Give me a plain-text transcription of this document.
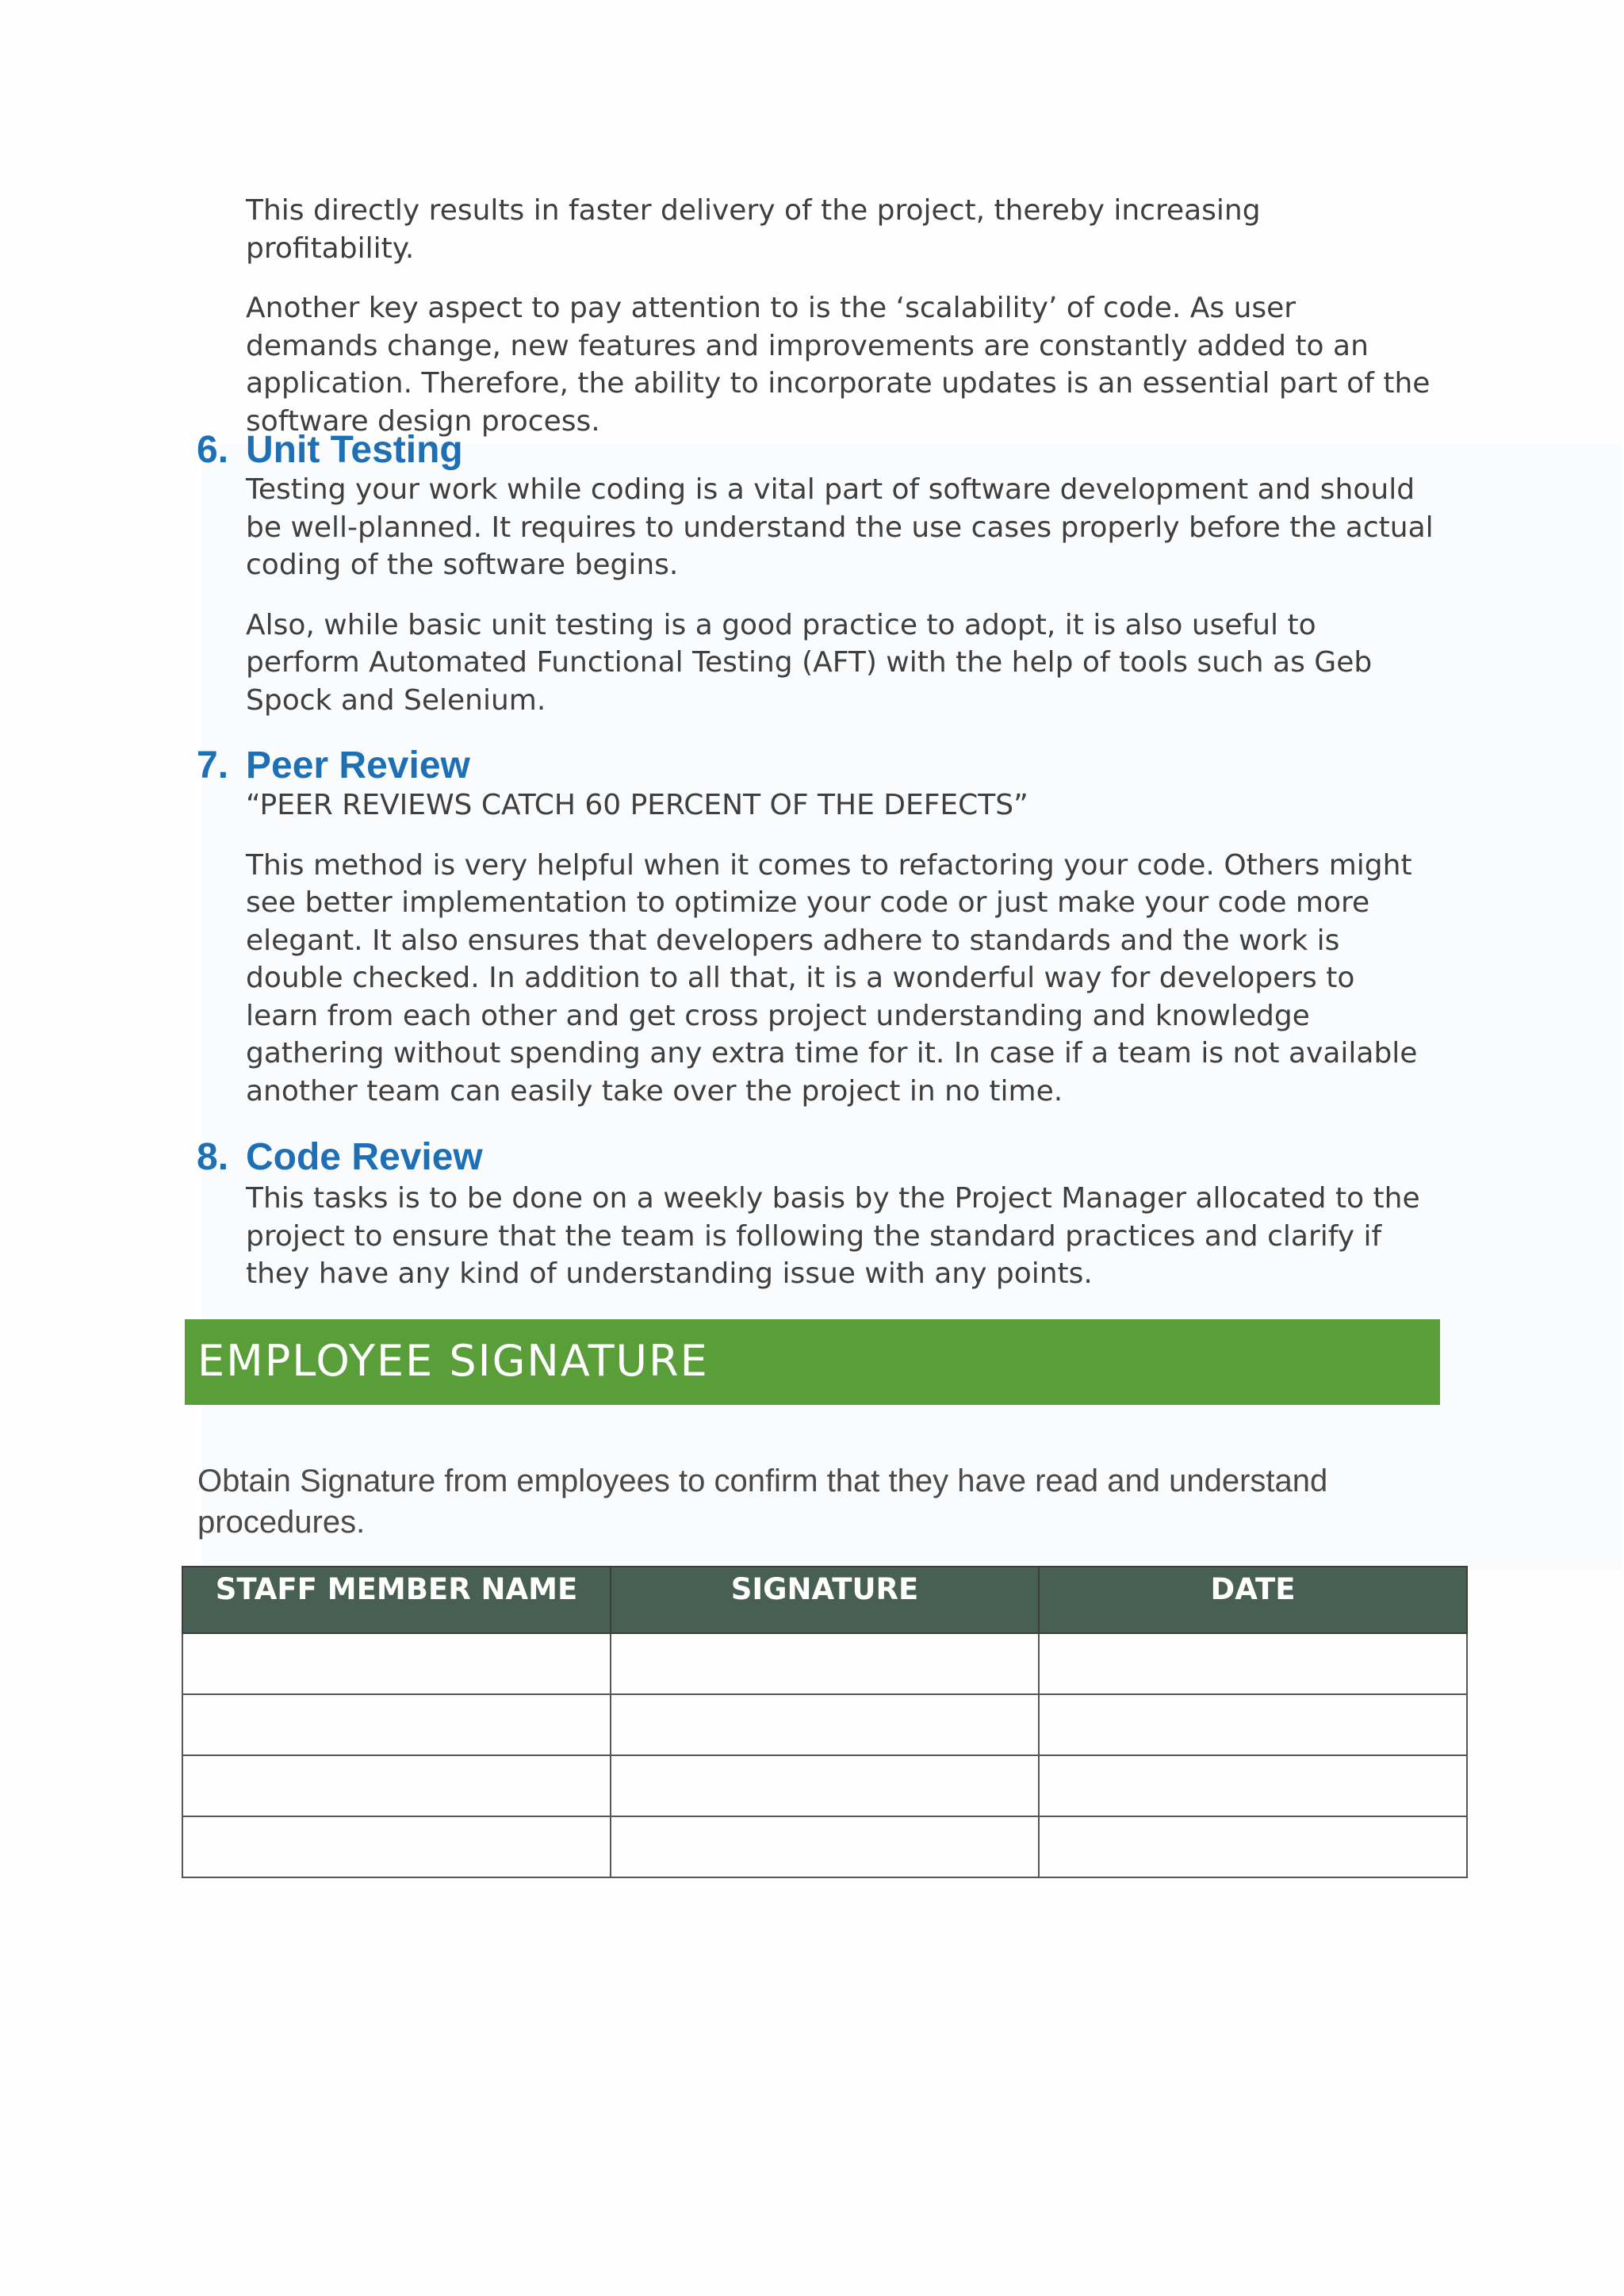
This directly results in faster delivery of the project, thereby increasing profitability.

Another key aspect to pay attention to is the ‘scalability’ of code. As user demands change, new features and improvements are constantly added to an application. Therefore, the ability to incorporate updates is an essential part of the software design process.

6. Unit Testing

Testing your work while coding is a vital part of software development and should be well-planned. It requires to understand the use cases properly before the actual coding of the software begins.

Also, while basic unit testing is a good practice to adopt, it is also useful to perform Automated Functional Testing (AFT) with the help of tools such as Geb Spock and Selenium.

7. Peer Review

“PEER REVIEWS CATCH 60 PERCENT OF THE DEFECTS”

This method is very helpful when it comes to refactoring your code. Others might see better implementation to optimize your code or just make your code more elegant. It also ensures that developers adhere to standards and the work is double checked. In addition to all that, it is a wonderful way for developers to learn from each other and get cross project understanding and knowledge gathering without spending any extra time for it. In case if a team is not available another team can easily take over the project in no time.

8. Code Review

This tasks is to be done on a weekly basis by the Project Manager allocated to the project to ensure that the team is following the standard practices and clarify if they have any kind of understanding issue with any points.

EMPLOYEE SIGNATURE

Obtain Signature from employees to confirm that they have read and understand procedures.

STAFF MEMBER NAME	SIGNATURE	DATE
